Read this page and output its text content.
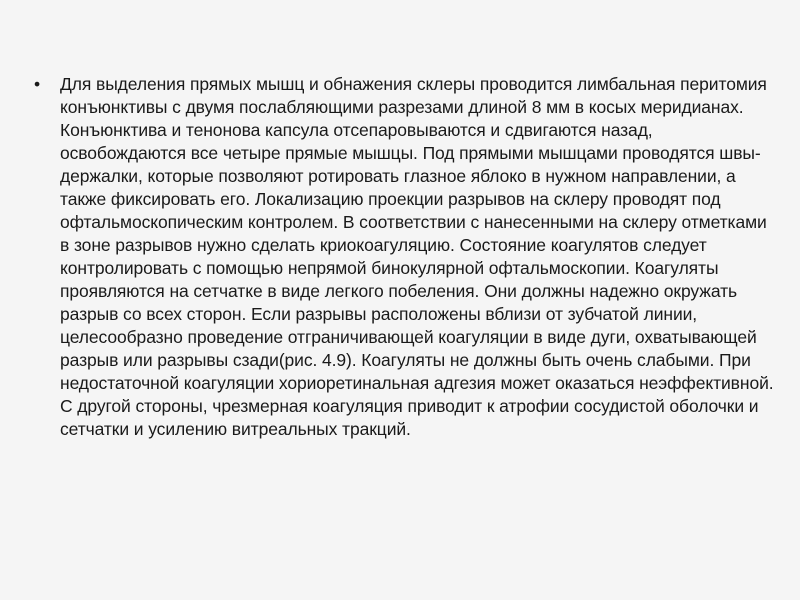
• Для выделения прямых мышц и обнажения склеры проводится лимбальная перитомия конъюнктивы с двумя послабляющими разрезами длиной 8 мм в косых меридианах. Конъюнктива и тенонова капсула отсепаровываются и сдвигаются назад, освобождаются все четыре прямые мышцы. Под прямыми мышцами проводятся швы-держалки, которые позволяют ротировать глазное яблоко в нужном направлении, а также фиксировать его. Локализацию проекции разрывов на склеру проводят под офтальмоскопическим контролем. В соответствии с нанесенными на склеру отметками в зоне разрывов нужно сделать криокоагуляцию. Состояние коагулятов следует контролировать с помощью непрямой бинокулярной офтальмоскопии. Коагуляты проявляются на сетчатке в виде легкого побеления. Они должны надежно окружать разрыв со всех сторон. Если разрывы расположены вблизи от зубчатой линии, целесообразно проведение отграничивающей коагуляции в виде дуги, охватывающей разрыв или разрывы сзади(рис. 4.9). Коагуляты не должны быть очень слабыми. При недостаточной коагуляции хориоретинальная адгезия может оказаться неэффективной. С другой стороны, чрезмерная коагуляция приводит к атрофии сосудистой оболочки и сетчатки и усилению витреальных тракций.
